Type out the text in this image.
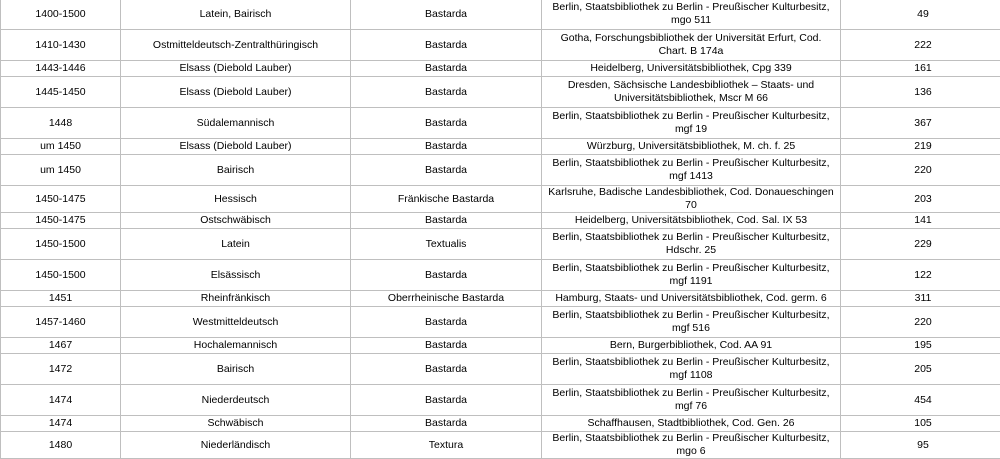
1400-1500	Latein, Bairisch	Bastarda	Berlin, Staatsbibliothek zu Berlin - Preußischer Kulturbesitz, mgo 511	49
1410-1430	Ostmitteldeutsch-Zentralthüringisch	Bastarda	Gotha, Forschungsbibliothek der Universität Erfurt, Cod. Chart. B 174a	222
1443-1446	Elsass (Diebold Lauber)	Bastarda	Heidelberg, Universitätsbibliothek, Cpg 339	161
1445-1450	Elsass (Diebold Lauber)	Bastarda	Dresden, Sächsische Landesbibliothek – Staats- und Universitätsbibliothek, Mscr M 66	136
1448	Südalemannisch	Bastarda	Berlin, Staatsbibliothek zu Berlin - Preußischer Kulturbesitz, mgf 19	367
um 1450	Elsass (Diebold Lauber)	Bastarda	Würzburg, Universitätsbibliothek, M. ch. f. 25	219
um 1450	Bairisch	Bastarda	Berlin, Staatsbibliothek zu Berlin - Preußischer Kulturbesitz, mgf 1413	220
1450-1475	Hessisch	Fränkische Bastarda	Karlsruhe, Badische Landesbibliothek, Cod. Donaueschingen 70	203
1450-1475	Ostschwäbisch	Bastarda	Heidelberg, Universitätsbibliothek, Cod. Sal. IX 53	141
1450-1500	Latein	Textualis	Berlin, Staatsbibliothek zu Berlin - Preußischer Kulturbesitz, Hdschr. 25	229
1450-1500	Elsässisch	Bastarda	Berlin, Staatsbibliothek zu Berlin - Preußischer Kulturbesitz, mgf 1191	122
1451	Rheinfränkisch	Oberrheinische Bastarda	Hamburg, Staats- und Universitätsbibliothek, Cod. germ. 6	311
1457-1460	Westmitteldeutsch	Bastarda	Berlin, Staatsbibliothek zu Berlin - Preußischer Kulturbesitz, mgf 516	220
1467	Hochalemannisch	Bastarda	Bern, Burgerbibliothek, Cod. AA 91	195
1472	Bairisch	Bastarda	Berlin, Staatsbibliothek zu Berlin - Preußischer Kulturbesitz, mgf 1108	205
1474	Niederdeutsch	Bastarda	Berlin, Staatsbibliothek zu Berlin - Preußischer Kulturbesitz, mgf 76	454
1474	Schwäbisch	Bastarda	Schaffhausen, Stadtbibliothek, Cod. Gen. 26	105
1480	Niederländisch	Textura	Berlin, Staatsbibliothek zu Berlin - Preußischer Kulturbesitz, mgo 6	95
